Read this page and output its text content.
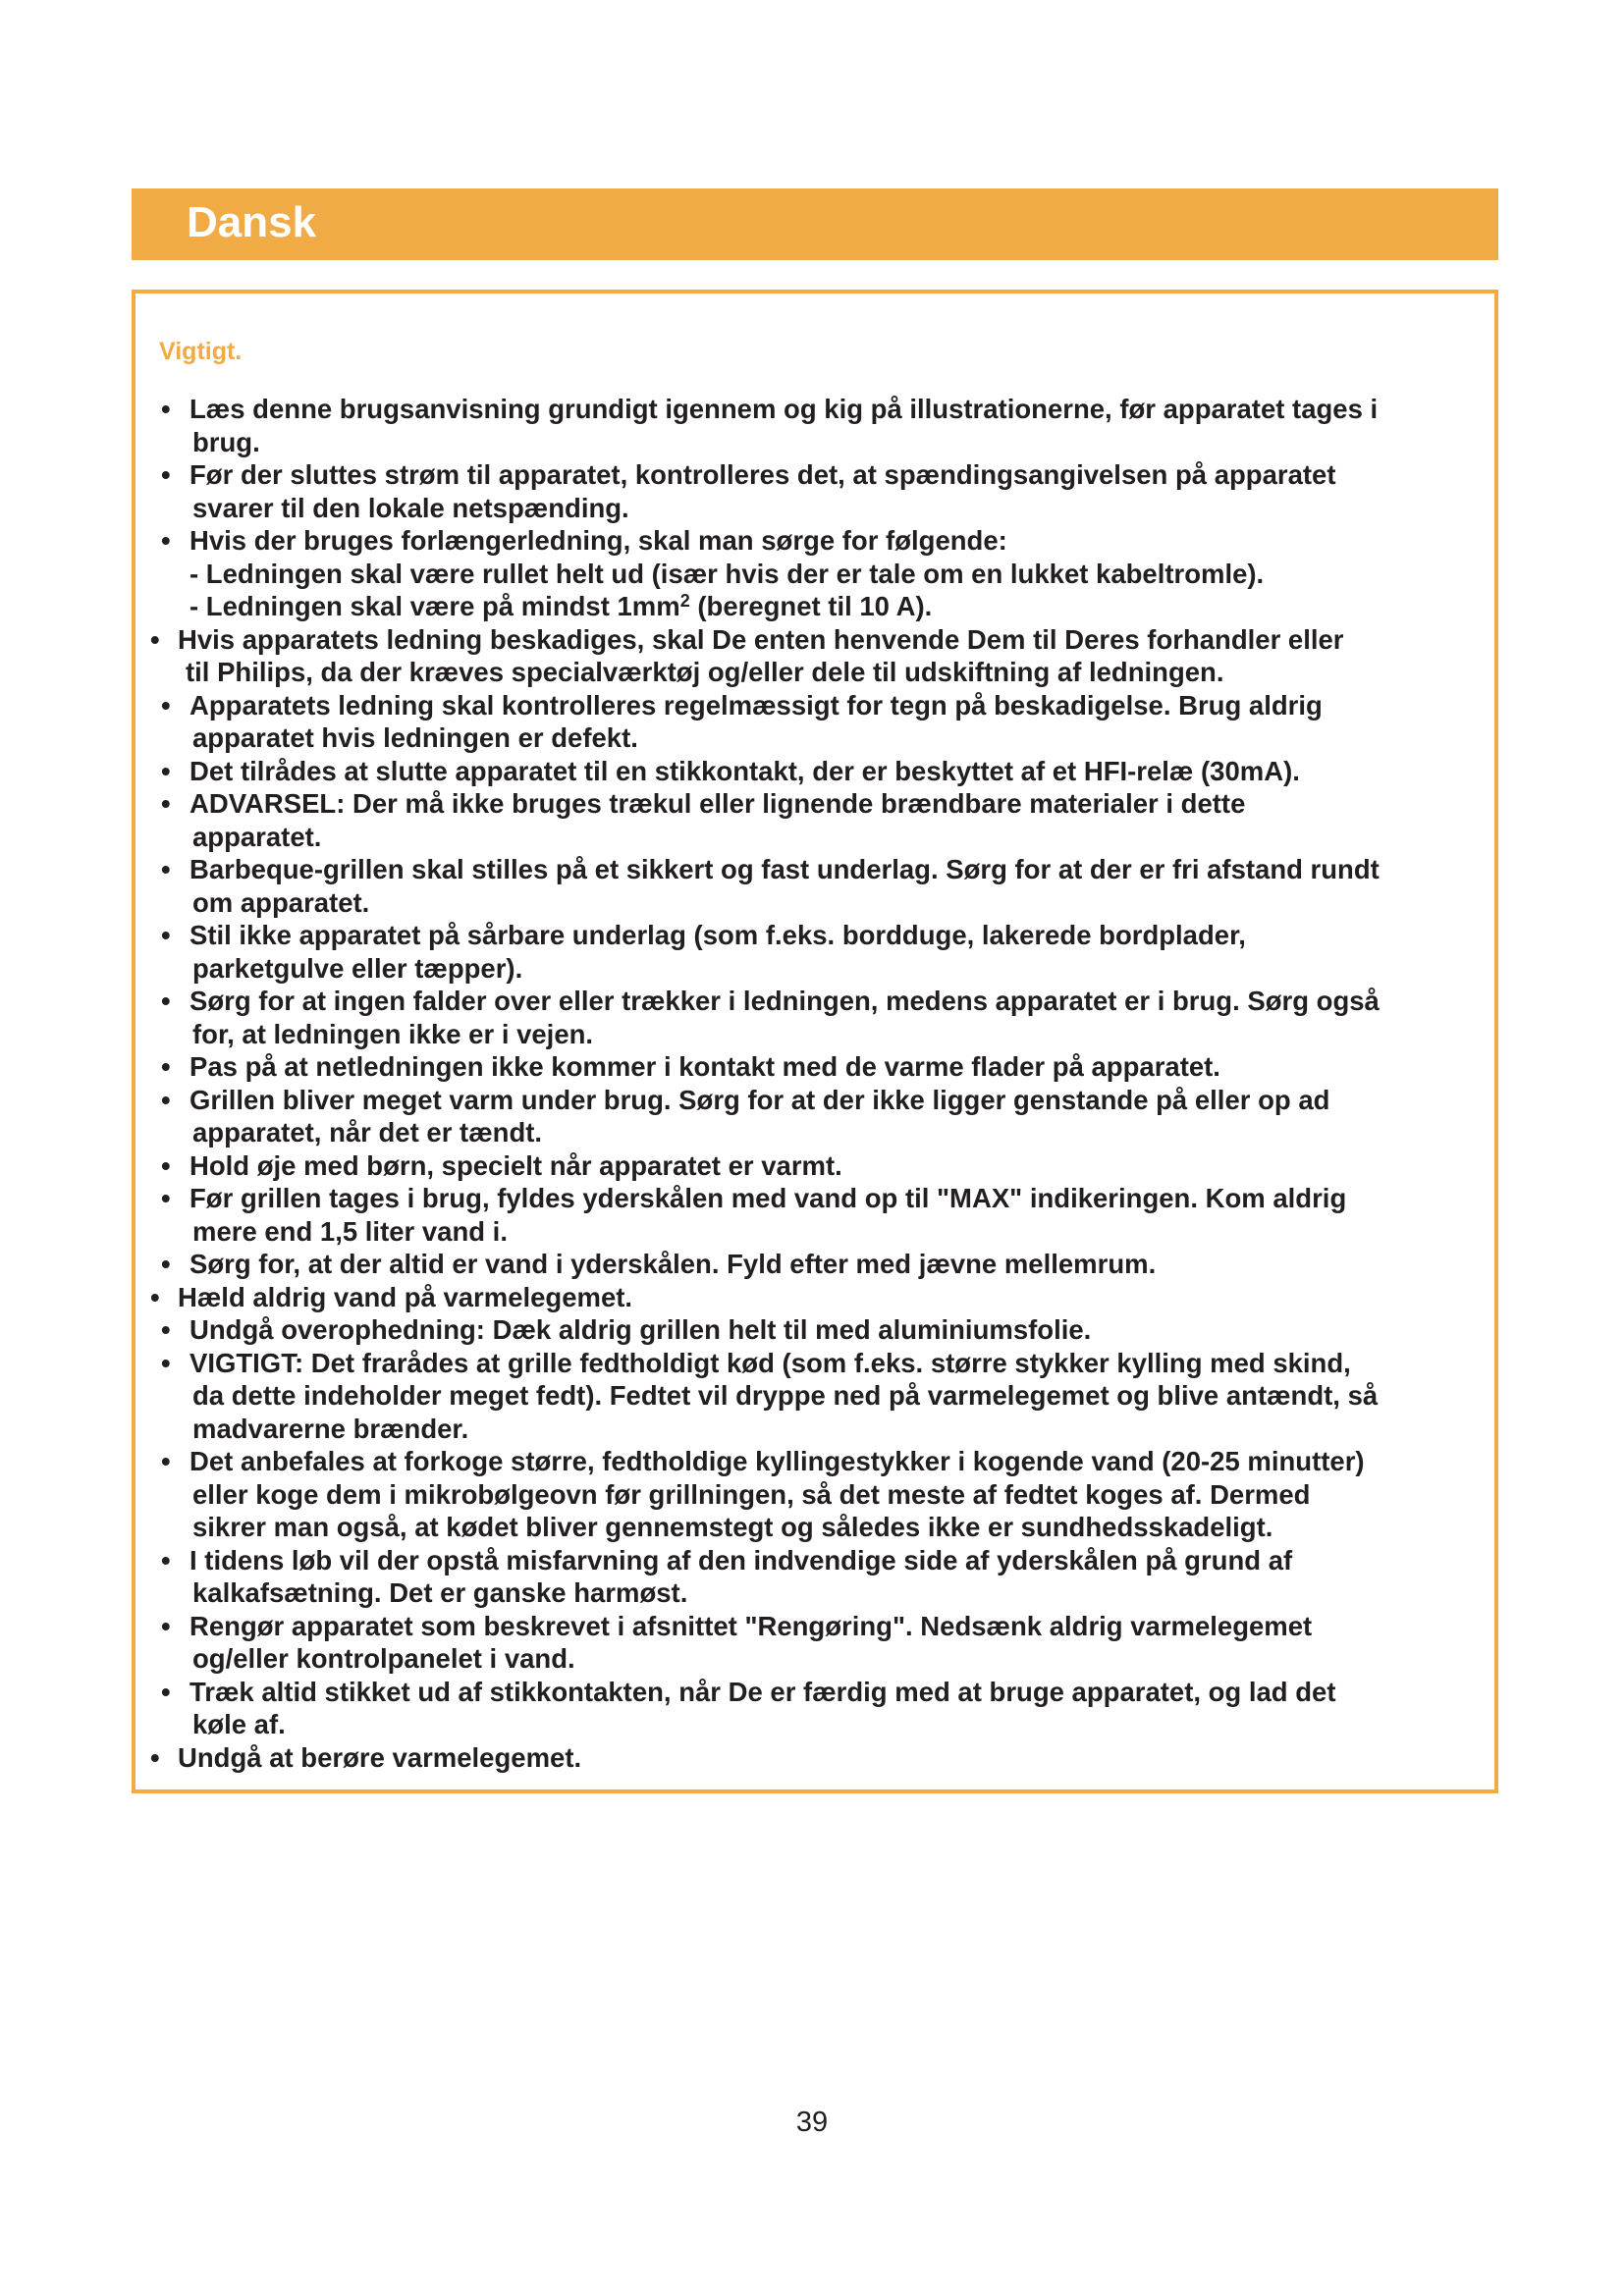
Dansk
Vigtigt.
• Læs denne brugsanvisning grundigt igennem og kig på illustrationerne, før apparatet tages i
brug.
• Før der sluttes strøm til apparatet, kontrolleres det, at spændingsangivelsen på apparatet
svarer til den lokale netspænding.
• Hvis der bruges forlængerledning, skal man sørge for følgende:
- Ledningen skal være rullet helt ud (især hvis der er tale om en lukket kabeltromle).
- Ledningen skal være på mindst $1mm^2$ (beregnet til 10 A).
• Hvis apparatets ledning beskadiges, skal De enten henvende Dem til Deres forhandler eller
til Philips, da der kræves specialværktøj og/eller dele til udskiftning af ledningen.
• Apparatets ledning skal kontrolleres regelmæssigt for tegn på beskadigelse. Brug aldrig
apparatet hvis ledningen er defekt.
• Det tilrådes at slutte apparatet til en stikkontakt, der er beskyttet af et HFI-relæ (30mA).
• ADVARSEL: Der må ikke bruges trækul eller lignende brændbare materialer i dette
apparatet.
• Barbeque-grillen skal stilles på et sikkert og fast underlag. Sørg for at der er fri afstand rundt
om apparatet.
• Stil ikke apparatet på sårbare underlag (som f.eks. bordduge, lakerede bordplader,
parketgulve eller tæpper).
• Sørg for at ingen falder over eller trækker i ledningen, medens apparatet er i brug. Sørg også
for, at ledningen ikke er i vejen.
• Pas på at netledningen ikke kommer i kontakt med de varme flader på apparatet.
• Grillen bliver meget varm under brug. Sørg for at der ikke ligger genstande på eller op ad
apparatet, når det er tændt.
• Hold øje med børn, specielt når apparatet er varmt.
• Før grillen tages i brug, fyldes yderskålen med vand op til "MAX" indikeringen. Kom aldrig
mere end 1,5 liter vand i.
• Sørg for, at der altid er vand i yderskålen. Fyld efter med jævne mellemrum.
• Hæld aldrig vand på varmelegemet.
• Undgå overophedning: Dæk aldrig grillen helt til med aluminiumsfolie.
• VIGTIGT: Det frarådes at grille fedtholdigt kød (som f.eks. større stykker kylling med skind,
da dette indeholder meget fedt). Fedtet vil dryppe ned på varmelegemet og blive antændt, så
madvarerne brænder.
• Det anbefales at forkoge større, fedtholdige kyllingestykker i kogende vand (20-25 minutter)
eller koge dem i mikrobølgeovn før grillningen, så det meste af fedtet koges af. Dermed
sikrer man også, at kødet bliver gennemstegt og således ikke er sundhedsskadeligt.
• I tidens løb vil der opstå misfarvning af den indvendige side af yderskålen på grund af
kalkafsætning. Det er ganske harmøst.
• Rengør apparatet som beskrevet i afsnittet "Rengøring". Nedsænk aldrig varmelegemet
og/eller kontrolpanelet i vand.
• Træk altid stikket ud af stikkontakten, når De er færdig med at bruge apparatet, og lad det
køle af.
• Undgå at berøre varmelegemet.
39
